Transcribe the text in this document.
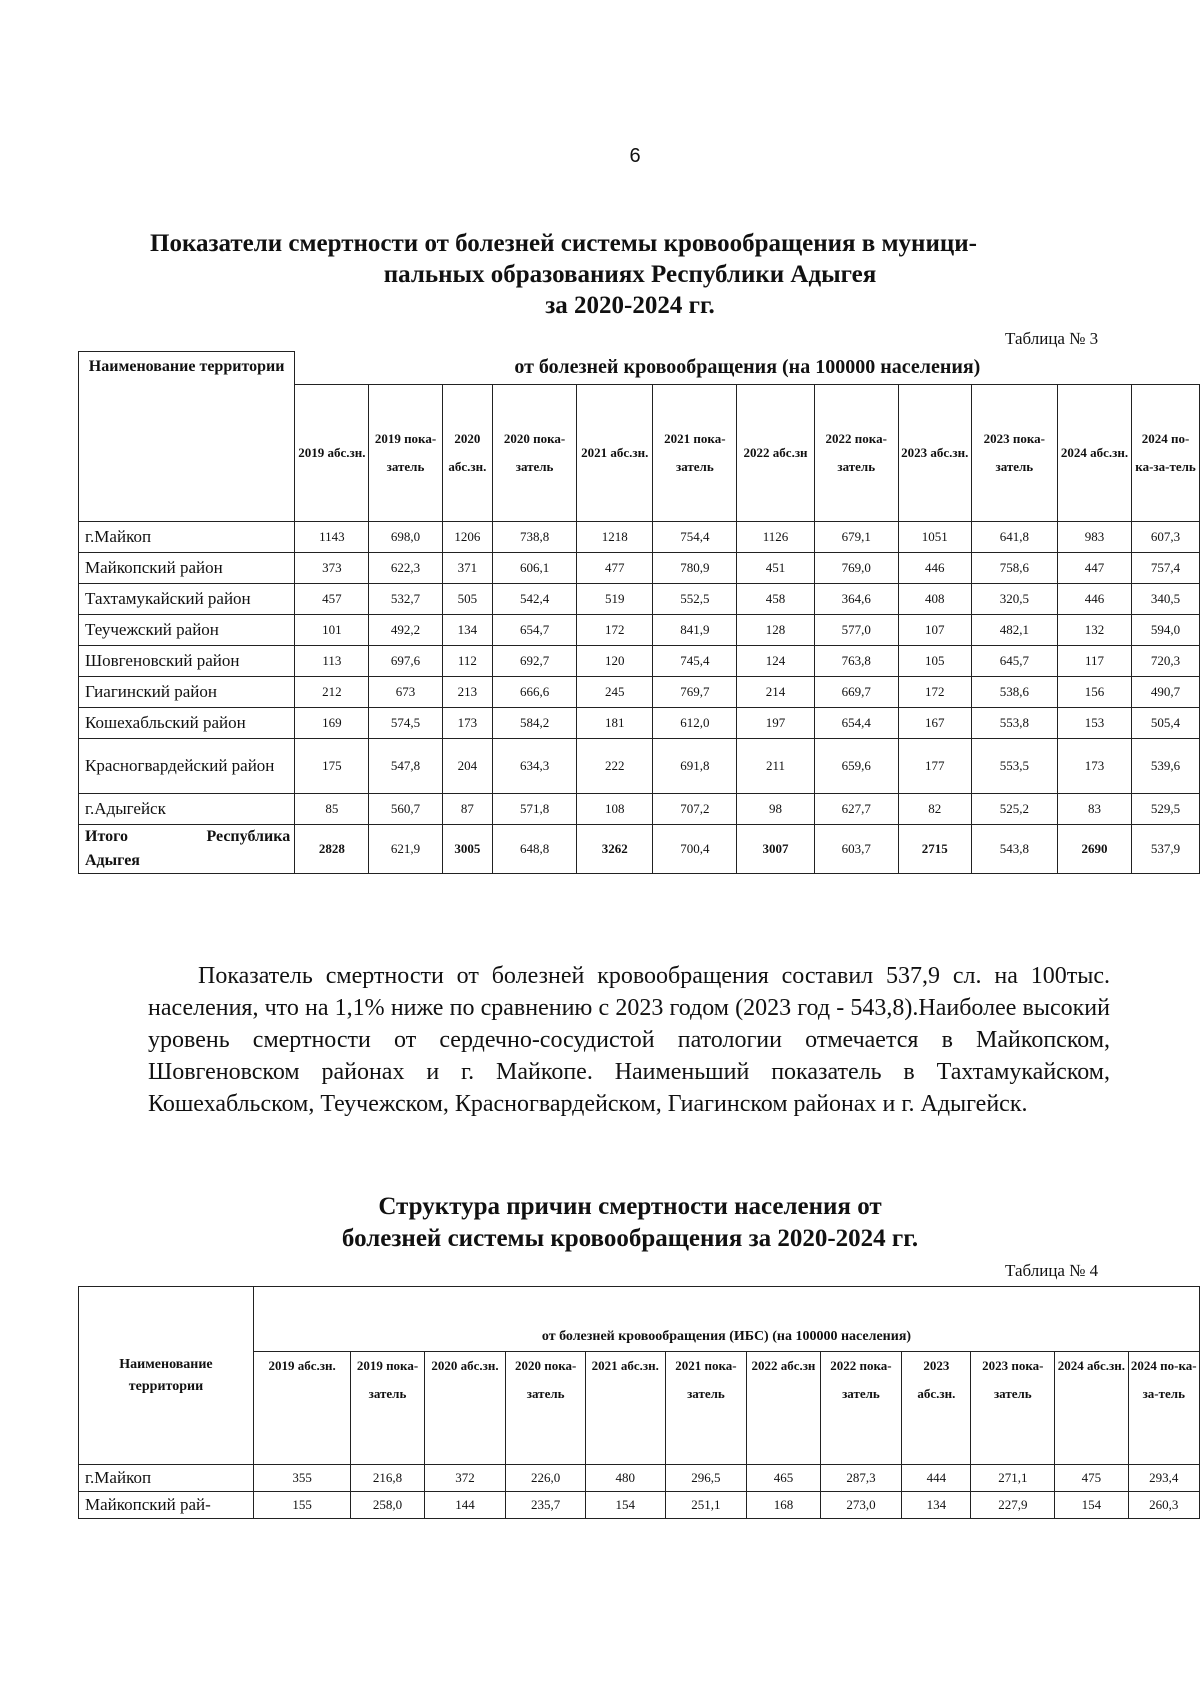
6
Показатели смертности от болезней системы кровообращения в муници-
пальных образованиях Республики Адыгея
за 2020-2024 гг.
Таблица № 3
Наименование территории	от болезней кровообращения (на 100000 населения)											
	2019 абс.зн.	2019 пока-затель	2020 абс.зн.	2020 пока-затель	2021 абс.зн.	2021 пока-затель	2022 абс.зн	2022 пока-затель	2023 абс.зн.	2023 пока-затель	2024 абс.зн.	2024 по-ка-за-тель
г.Майкоп	1143	698,0	1206	738,8	1218	754,4	1126	679,1	1051	641,8	983	607,3
Майкопский район	373	622,3	371	606,1	477	780,9	451	769,0	446	758,6	447	757,4
Тахтамукайский район	457	532,7	505	542,4	519	552,5	458	364,6	408	320,5	446	340,5
Теучежский район	101	492,2	134	654,7	172	841,9	128	577,0	107	482,1	132	594,0
Шовгеновский район	113	697,6	112	692,7	120	745,4	124	763,8	105	645,7	117	720,3
Гиагинский район	212	673	213	666,6	245	769,7	214	669,7	172	538,6	156	490,7
Кошехабльский район	169	574,5	173	584,2	181	612,0	197	654,4	167	553,8	153	505,4
Красногвардейский район	175	547,8	204	634,3	222	691,8	211	659,6	177	553,5	173	539,6
г.Адыгейск	85	560,7	87	571,8	108	707,2	98	627,7	82	525,2	83	529,5

Итого Республика
Адыгея	2828	621,9	3005	648,8	3262	700,4	3007	603,7	2715	543,8	2690	537,9
Показатель смертности от болезней кровообращения составил 537,9 сл. на 100тыс. населения, что на 1,1% ниже по сравнению с 2023 годом (2023 год - 543,8).Наиболее высокий уровень смертности от сердечно-сосудистой патологии отмечается в Майкопском, Шовгеновском районах и г. Майкопе. Наименьший показатель в Тахтамукайском, Кошехабльском, Теучежском, Красногвардейском, Гиагинском районах и г. Адыгейск.
Структура причин смертности населения от
болезней системы кровообращения за 2020-2024 гг.
Таблица № 4
Наименование территории	от болезней кровообращения (ИБС) (на 100000 населения)											
	2019 абс.зн.	2019 пока-затель	2020 абс.зн.	2020 пока-затель	2021 абс.зн.	2021 пока-затель	2022 абс.зн	2022 пока-затель	2023 абс.зн.	2023 пока-затель	2024 абс.зн.	2024 по-ка-за-тель
г.Майкоп	355	216,8	372	226,0	480	296,5	465	287,3	444	271,1	475	293,4
Майкопский рай-	155	258,0	144	235,7	154	251,1	168	273,0	134	227,9	154	260,3
